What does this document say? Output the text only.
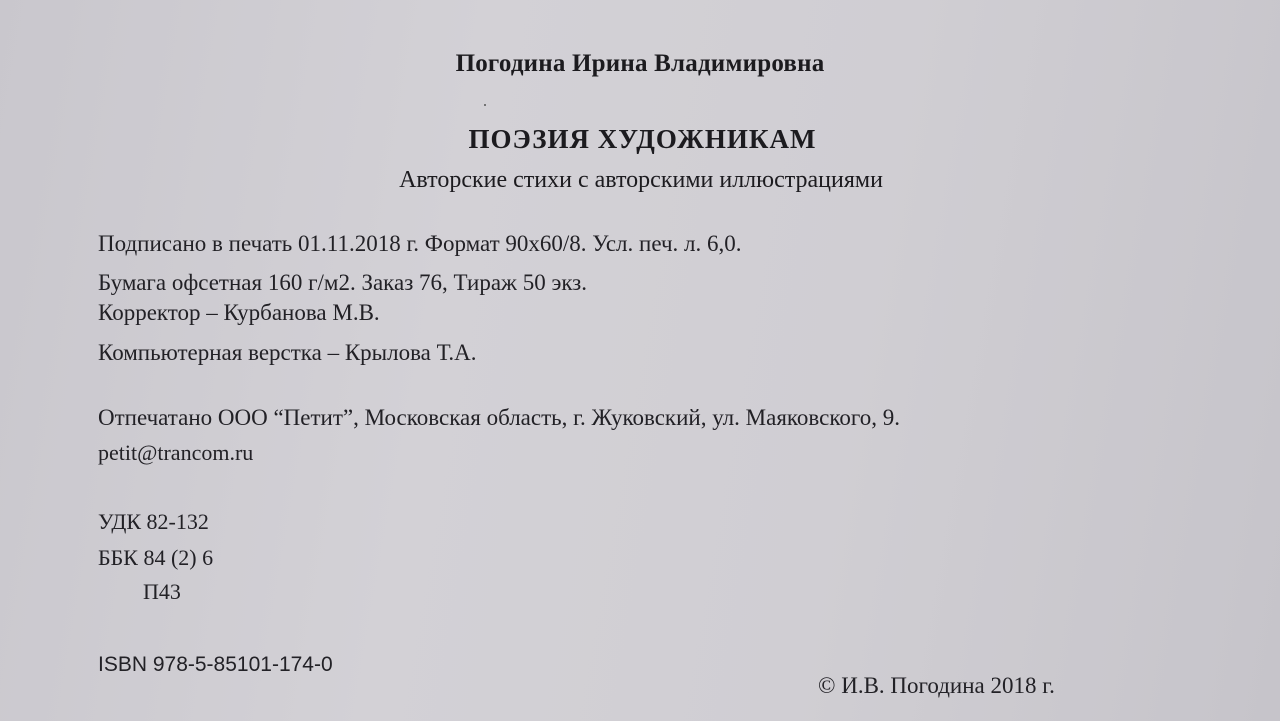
Погодина Ирина Владимировна
ПОЭЗИЯ ХУДОЖНИКАМ
Авторские стихи с авторскими иллюстрациями
Подписано в печать 01.11.2018 г. Формат 90x60/8. Усл. печ. л. 6,0.
Бумага офсетная 160 г/м2. Заказ 76, Тираж 50 экз.
Корректор – Курбанова М.В.
Компьютерная верстка – Крылова Т.А.
Отпечатано ООО “Петит”, Московская область, г. Жуковский, ул. Маяковского, 9.
petit@trancom.ru
УДК 82-132
ББК 84 (2) 6
П43
ISBN 978-5-85101-174-0
© И.В. Погодина 2018 г.
